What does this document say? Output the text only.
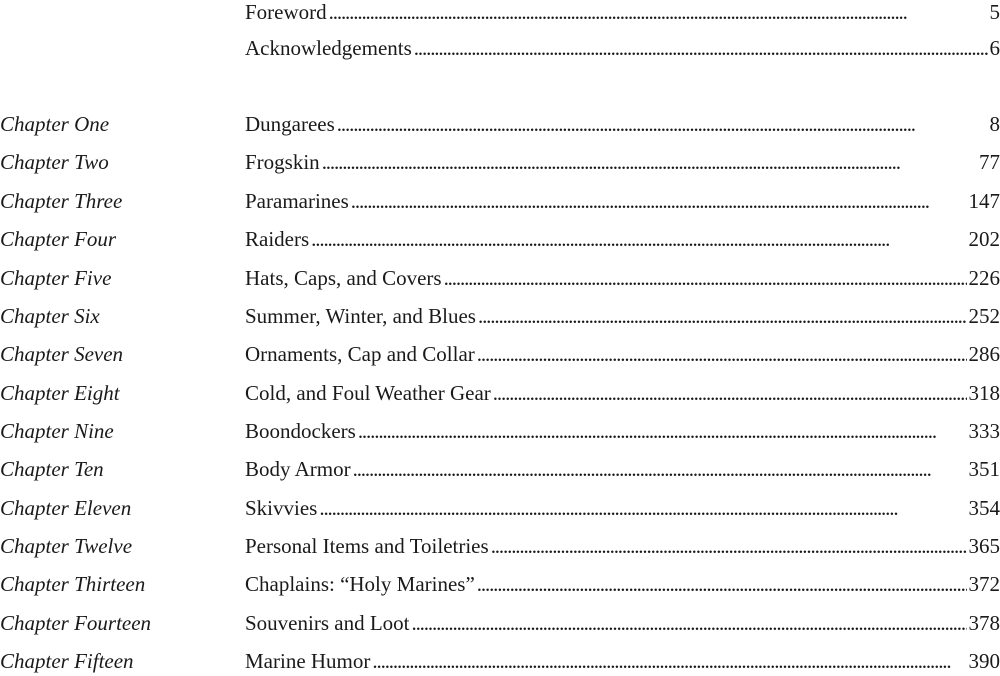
Foreword . . .	5
Acknowledgements . . .	6
Chapter One	Dungarees . . .	8
Chapter Two	Frogskin . . .	77
Chapter Three	Paramarines . . .	147
Chapter Four	Raiders . . .	202
Chapter Five	Hats, Caps, and Covers . . .	226
Chapter Six	Summer, Winter, and Blues . . .	252
Chapter Seven	Ornaments, Cap and Collar . . .	286
Chapter Eight	Cold, and Foul Weather Gear . . .	318
Chapter Nine	Boondockers . . .	333
Chapter Ten	Body Armor . . .	351
Chapter Eleven	Skivvies . . .	354
Chapter Twelve	Personal Items and Toiletries . . .	365
Chapter Thirteen	Chaplains: “Holy Marines” . . .	372
Chapter Fourteen	Souvenirs and Loot . . .	378
Chapter Fifteen	Marine Humor . . .	390
